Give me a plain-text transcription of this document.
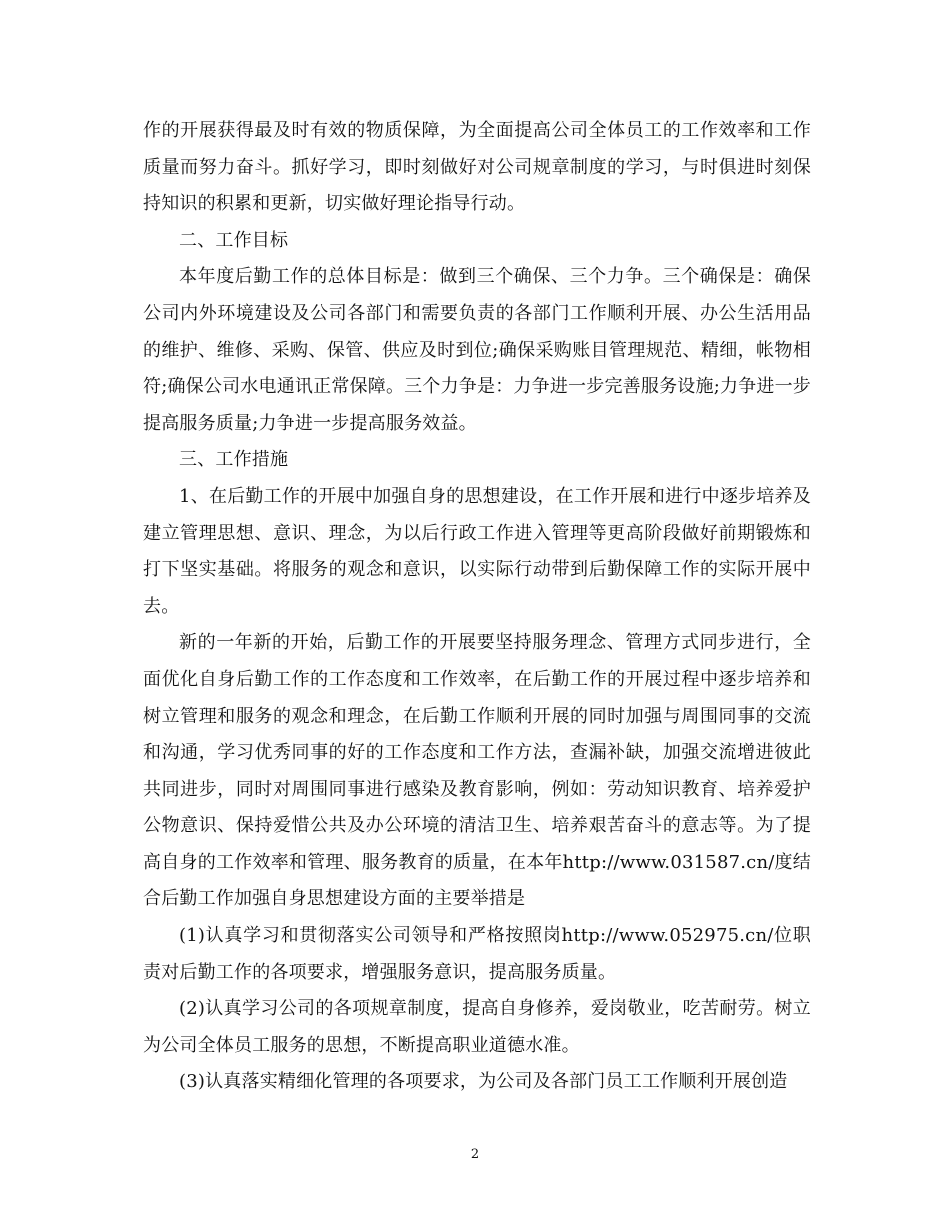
作的开展获得最及时有效的物质保障，为全面提高公司全体员工的工作效率和工作质量而努力奋斗。抓好学习，即时刻做好对公司规章制度的学习，与时俱进时刻保持知识的积累和更新，切实做好理论指导行动。

二、工作目标

本年度后勤工作的总体目标是：做到三个确保、三个力争。三个确保是：确保公司内外环境建设及公司各部门和需要负责的各部门工作顺利开展、办公生活用品的维护、维修、采购、保管、供应及时到位;确保采购账目管理规范、精细，帐物相符;确保公司水电通讯正常保障。三个力争是：力争进一步完善服务设施;力争进一步提高服务质量;力争进一步提高服务效益。

三、工作措施

1、在后勤工作的开展中加强自身的思想建设，在工作开展和进行中逐步培养及建立管理思想、意识、理念，为以后行政工作进入管理等更高阶段做好前期锻炼和打下坚实基础。将服务的观念和意识，以实际行动带到后勤保障工作的实际开展中去。

新的一年新的开始，后勤工作的开展要坚持服务理念、管理方式同步进行，全面优化自身后勤工作的工作态度和工作效率，在后勤工作的开展过程中逐步培养和树立管理和服务的观念和理念，在后勤工作顺利开展的同时加强与周围同事的交流和沟通，学习优秀同事的好的工作态度和工作方法，查漏补缺，加强交流增进彼此共同进步，同时对周围同事进行感染及教育影响，例如：劳动知识教育、培养爱护公物意识、保持爱惜公共及办公环境的清洁卫生、培养艰苦奋斗的意志等。为了提高自身的工作效率和管理、服务教育的质量，在本年http://www.031587.cn/度结合后勤工作加强自身思想建设方面的主要举措是

(1)认真学习和贯彻落实公司领导和严格按照岗http://www.052975.cn/位职责对后勤工作的各项要求，增强服务意识，提高服务质量。

(2)认真学习公司的各项规章制度，提高自身修养，爱岗敬业，吃苦耐劳。树立为公司全体员工服务的思想，不断提高职业道德水准。

(3)认真落实精细化管理的各项要求，为公司及各部门员工工作顺利开展创造

2
